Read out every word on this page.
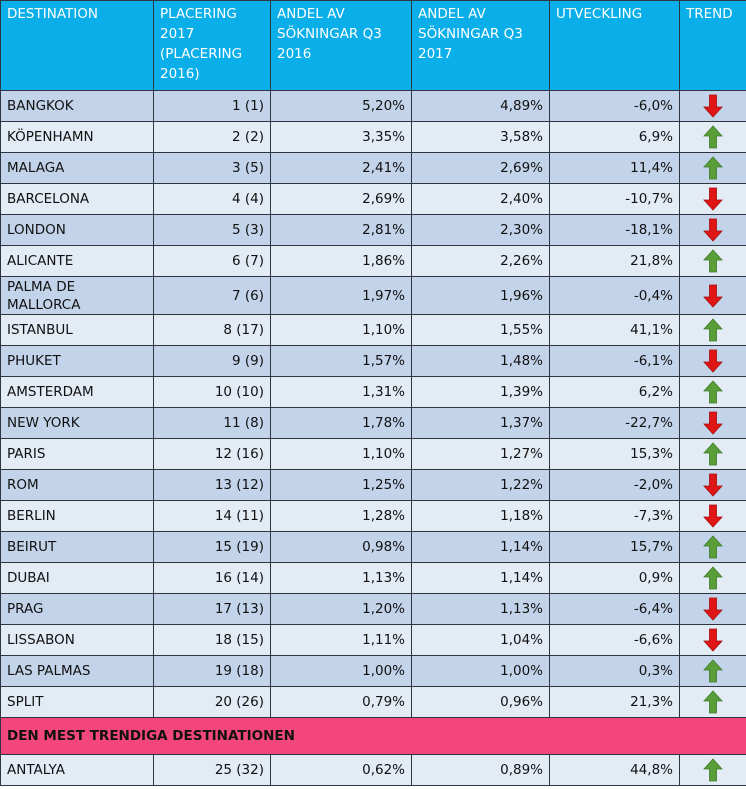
DESTINATION	PLACERING 2017 (PLACERING 2016)	ANDEL AV SÖKNINGAR Q3 2016	ANDEL AV SÖKNINGAR Q3 2017	UTVECKLING	TREND
BANGKOK	1 (1)	5,20%	4,89%	-6,0%	

KÖPENHAMN	2 (2)	3,35%	3,58%	6,9%	

MALAGA	3 (5)	2,41%	2,69%	11,4%	

BARCELONA	4 (4)	2,69%	2,40%	-10,7%	

LONDON	5 (3)	2,81%	2,30%	-18,1%	

ALICANTE	6 (7)	1,86%	2,26%	21,8%	

PALMA DE MALLORCA	7 (6)	1,97%	1,96%	-0,4%	

ISTANBUL	8 (17)	1,10%	1,55%	41,1%	

PHUKET	9 (9)	1,57%	1,48%	-6,1%	

AMSTERDAM	10 (10)	1,31%	1,39%	6,2%	

NEW YORK	11 (8)	1,78%	1,37%	-22,7%	

PARIS	12 (16)	1,10%	1,27%	15,3%	

ROM	13 (12)	1,25%	1,22%	-2,0%	

BERLIN	14 (11)	1,28%	1,18%	-7,3%	

BEIRUT	15 (19)	0,98%	1,14%	15,7%	

DUBAI	16 (14)	1,13%	1,14%	0,9%	

PRAG	17 (13)	1,20%	1,13%	-6,4%	

LISSABON	18 (15)	1,11%	1,04%	-6,6%	

LAS PALMAS	19 (18)	1,00%	1,00%	0,3%	

SPLIT	20 (26)	0,79%	0,96%	21,3%	

DEN MEST TRENDIGA DESTINATIONEN					
ANTALYA	25 (32)	0,62%	0,89%	44,8%	
